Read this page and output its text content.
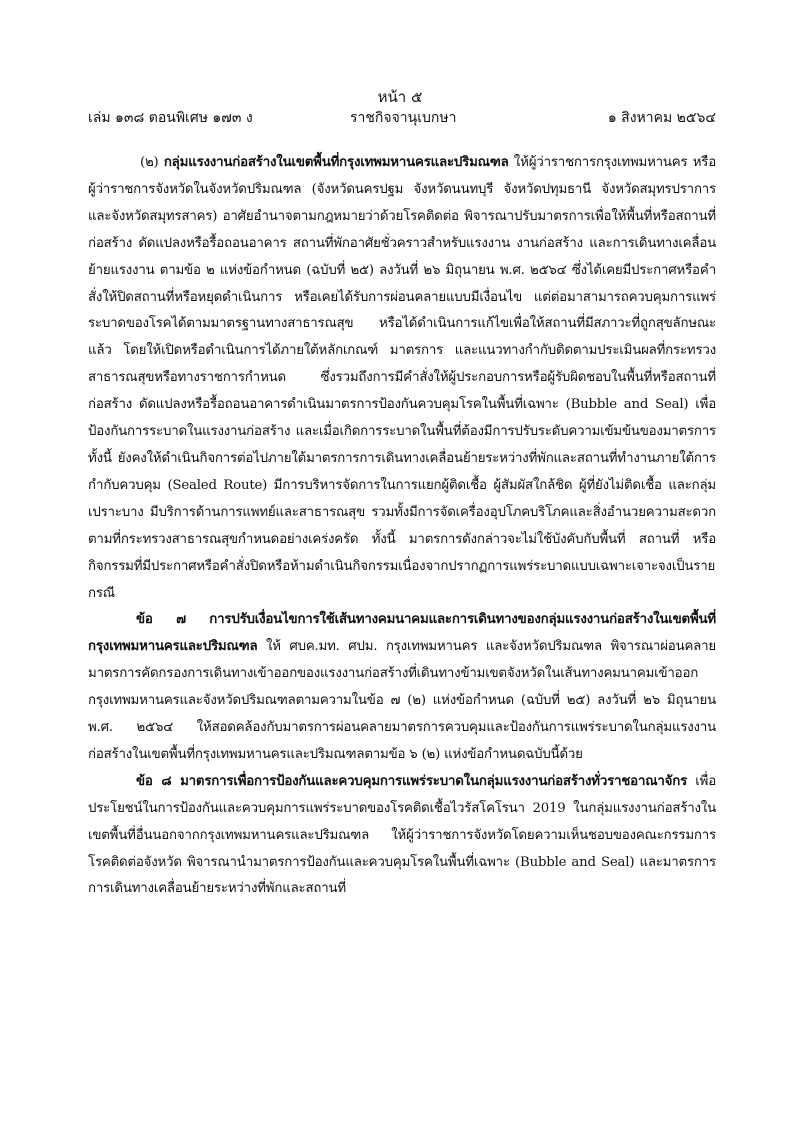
หน้า ๕
เล่ม ๑๓๘ ตอนพิเศษ ๑๗๓ ง	ราชกิจจานุเบกษา	๑ สิงหาคม ๒๕๖๔

(๒) กลุ่มแรงงานก่อสร้างในเขตพื้นที่กรุงเทพมหานครและปริมณฑล ให้ผู้ว่าราชการกรุงเทพมหานคร หรือผู้ว่าราชการจังหวัดในจังหวัดปริมณฑล (จังหวัดนครปฐม จังหวัดนนทบุรี จังหวัดปทุมธานี จังหวัดสมุทรปราการ และจังหวัดสมุทรสาคร) อาศัยอำนาจตามกฎหมายว่าด้วยโรคติดต่อ พิจารณาปรับมาตรการเพื่อให้พื้นที่หรือสถานที่ก่อสร้าง ดัดแปลงหรือรื้อถอนอาคาร สถานที่พักอาศัยชั่วคราวสำหรับแรงงาน งานก่อสร้าง และการเดินทางเคลื่อนย้ายแรงงาน ตามข้อ ๒ แห่งข้อกำหนด (ฉบับที่ ๒๕) ลงวันที่ ๒๖ มิถุนายน พ.ศ. ๒๕๖๔ ซึ่งได้เคยมีประกาศหรือคำสั่งให้ปิดสถานที่หรือหยุดดำเนินการ หรือเคยได้รับการผ่อนคลายแบบมีเงื่อนไข แต่ต่อมาสามารถควบคุมการแพร่ระบาดของโรคได้ตามมาตรฐานทางสาธารณสุข หรือได้ดำเนินการแก้ไขเพื่อให้สถานที่มีสภาวะที่ถูกสุขลักษณะแล้ว โดยให้เปิดหรือดำเนินการได้ภายใต้หลักเกณฑ์ มาตรการ และแนวทางกำกับติดตามประเมินผลที่กระทรวงสาธารณสุขหรือทางราชการกำหนด ซึ่งรวมถึงการมีคำสั่งให้ผู้ประกอบการหรือผู้รับผิดชอบในพื้นที่หรือสถานที่ก่อสร้าง ดัดแปลงหรือรื้อถอนอาคารดำเนินมาตรการป้องกันควบคุมโรคในพื้นที่เฉพาะ (Bubble and Seal) เพื่อป้องกันการระบาดในแรงงานก่อสร้าง และเมื่อเกิดการระบาดในพื้นที่ต้องมีการปรับระดับความเข้มข้นของมาตรการ ทั้งนี้ ยังคงให้ดำเนินกิจการต่อไปภายใต้มาตรการการเดินทางเคลื่อนย้ายระหว่างที่พักและสถานที่ทำงานภายใต้การกำกับควบคุม (Sealed Route) มีการบริหารจัดการในการแยกผู้ติดเชื้อ ผู้สัมผัสใกล้ชิด ผู้ที่ยังไม่ติดเชื้อ และกลุ่มเปราะบาง มีบริการด้านการแพทย์และสาธารณสุข รวมทั้งมีการจัดเครื่องอุปโภคบริโภคและสิ่งอำนวยความสะดวกตามที่กระทรวงสาธารณสุขกำหนดอย่างเคร่งครัด ทั้งนี้ มาตรการดังกล่าวจะไม่ใช้บังคับกับพื้นที่ สถานที่ หรือกิจกรรมที่มีประกาศหรือคำสั่งปิดหรือห้ามดำเนินกิจกรรมเนื่องจากปรากฏการแพร่ระบาดแบบเฉพาะเจาะจงเป็นรายกรณี

ข้อ ๗ การปรับเงื่อนไขการใช้เส้นทางคมนาคมและการเดินทางของกลุ่มแรงงานก่อสร้างในเขตพื้นที่กรุงเทพมหานครและปริมณฑล ให้ ศบค.มท. ศปม. กรุงเทพมหานคร และจังหวัดปริมณฑล พิจารณาผ่อนคลายมาตรการคัดกรองการเดินทางเข้าออกของแรงงานก่อสร้างที่เดินทางข้ามเขตจังหวัดในเส้นทางคมนาคมเข้าออกกรุงเทพมหานครและจังหวัดปริมณฑลตามความในข้อ ๗ (๒) แห่งข้อกำหนด (ฉบับที่ ๒๕) ลงวันที่ ๒๖ มิถุนายน พ.ศ. ๒๕๖๔ ให้สอดคล้องกับมาตรการผ่อนคลายมาตรการควบคุมและป้องกันการแพร่ระบาดในกลุ่มแรงงานก่อสร้างในเขตพื้นที่กรุงเทพมหานครและปริมณฑลตามข้อ ๖ (๒) แห่งข้อกำหนดฉบับนี้ด้วย

ข้อ ๘ มาตรการเพื่อการป้องกันและควบคุมการแพร่ระบาดในกลุ่มแรงงานก่อสร้างทั่วราชอาณาจักร เพื่อประโยชน์ในการป้องกันและควบคุมการแพร่ระบาดของโรคติดเชื้อไวรัสโคโรนา 2019 ในกลุ่มแรงงานก่อสร้างในเขตพื้นที่อื่นนอกจากกรุงเทพมหานครและปริมณฑล ให้ผู้ว่าราชการจังหวัดโดยความเห็นชอบของคณะกรรมการโรคติดต่อจังหวัด พิจารณานำมาตรการป้องกันและควบคุมโรคในพื้นที่เฉพาะ (Bubble and Seal) และมาตรการการเดินทางเคลื่อนย้ายระหว่างที่พักและสถานที่
